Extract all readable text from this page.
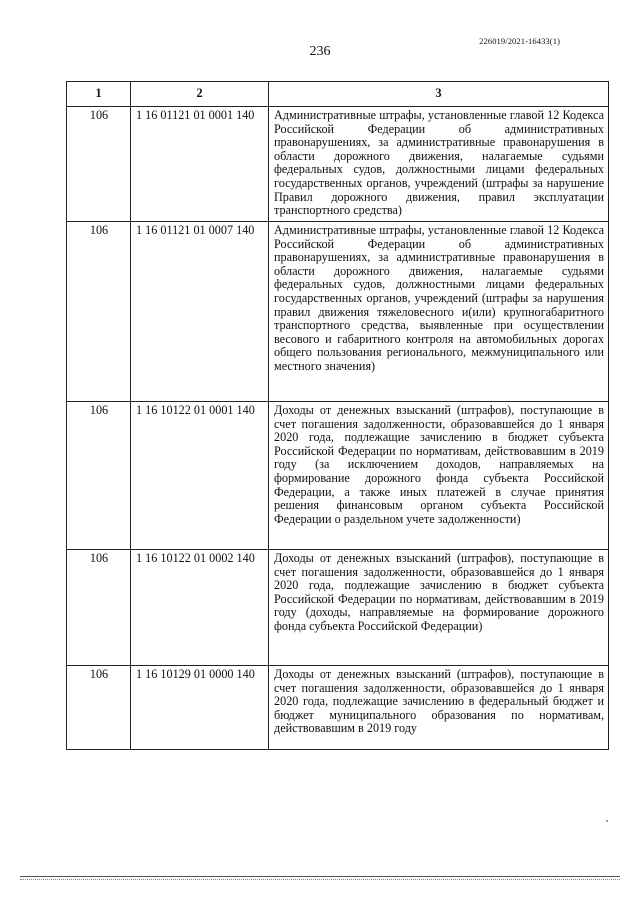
226019/2021-16433(1)
236
1	2	3
106	1 16 01121 01 0001 140	Административные штрафы, установленные главой 12 Кодекса Российской Федерации об административных правонарушениях, за административные правонарушения в области дорожного движения, налагаемые судьями федеральных судов, должностными лицами федеральных государственных органов, учреждений (штрафы за нарушение Правил дорожного движения, правил эксплуатации транспортного средства)
106	1 16 01121 01 0007 140	Административные штрафы, установленные главой 12 Кодекса Российской Федерации об административных правонарушениях, за административные правонарушения в области дорожного движения, налагаемые судьями федеральных судов, должностными лицами федеральных государственных органов, учреждений (штрафы за нарушения правил движения тяжеловесного и(или) крупногабаритного транспортного средства, выявленные при осуществлении весового и габаритного контроля на автомобильных дорогах общего пользования регионального, межмуниципального или местного значения)
106	1 16 10122 01 0001 140	Доходы от денежных взысканий (штрафов), поступающие в счет погашения задолженности, образовавшейся до 1 января 2020 года, подлежащие зачислению в бюджет субъекта Российской Федерации по нормативам, действовавшим в 2019 году (за исключением доходов, направляемых на формирование дорожного фонда субъекта Российской Федерации, а также иных платежей в случае принятия решения финансовым органом субъекта Российской Федерации о раздельном учете задолженности)
106	1 16 10122 01 0002 140	Доходы от денежных взысканий (штрафов), поступающие в счет погашения задолженности, образовавшейся до 1 января 2020 года, подлежащие зачислению в бюджет субъекта Российской Федерации по нормативам, действовавшим в 2019 году (доходы, направляемые на формирование дорожного фонда субъекта Российской Федерации)
106	1 16 10129 01 0000 140	Доходы от денежных взысканий (штрафов), поступающие в счет погашения задолженности, образовавшейся до 1 января 2020 года, подлежащие зачислению в федеральный бюджет и бюджет муниципального образования по нормативам, действовавшим в 2019 году
